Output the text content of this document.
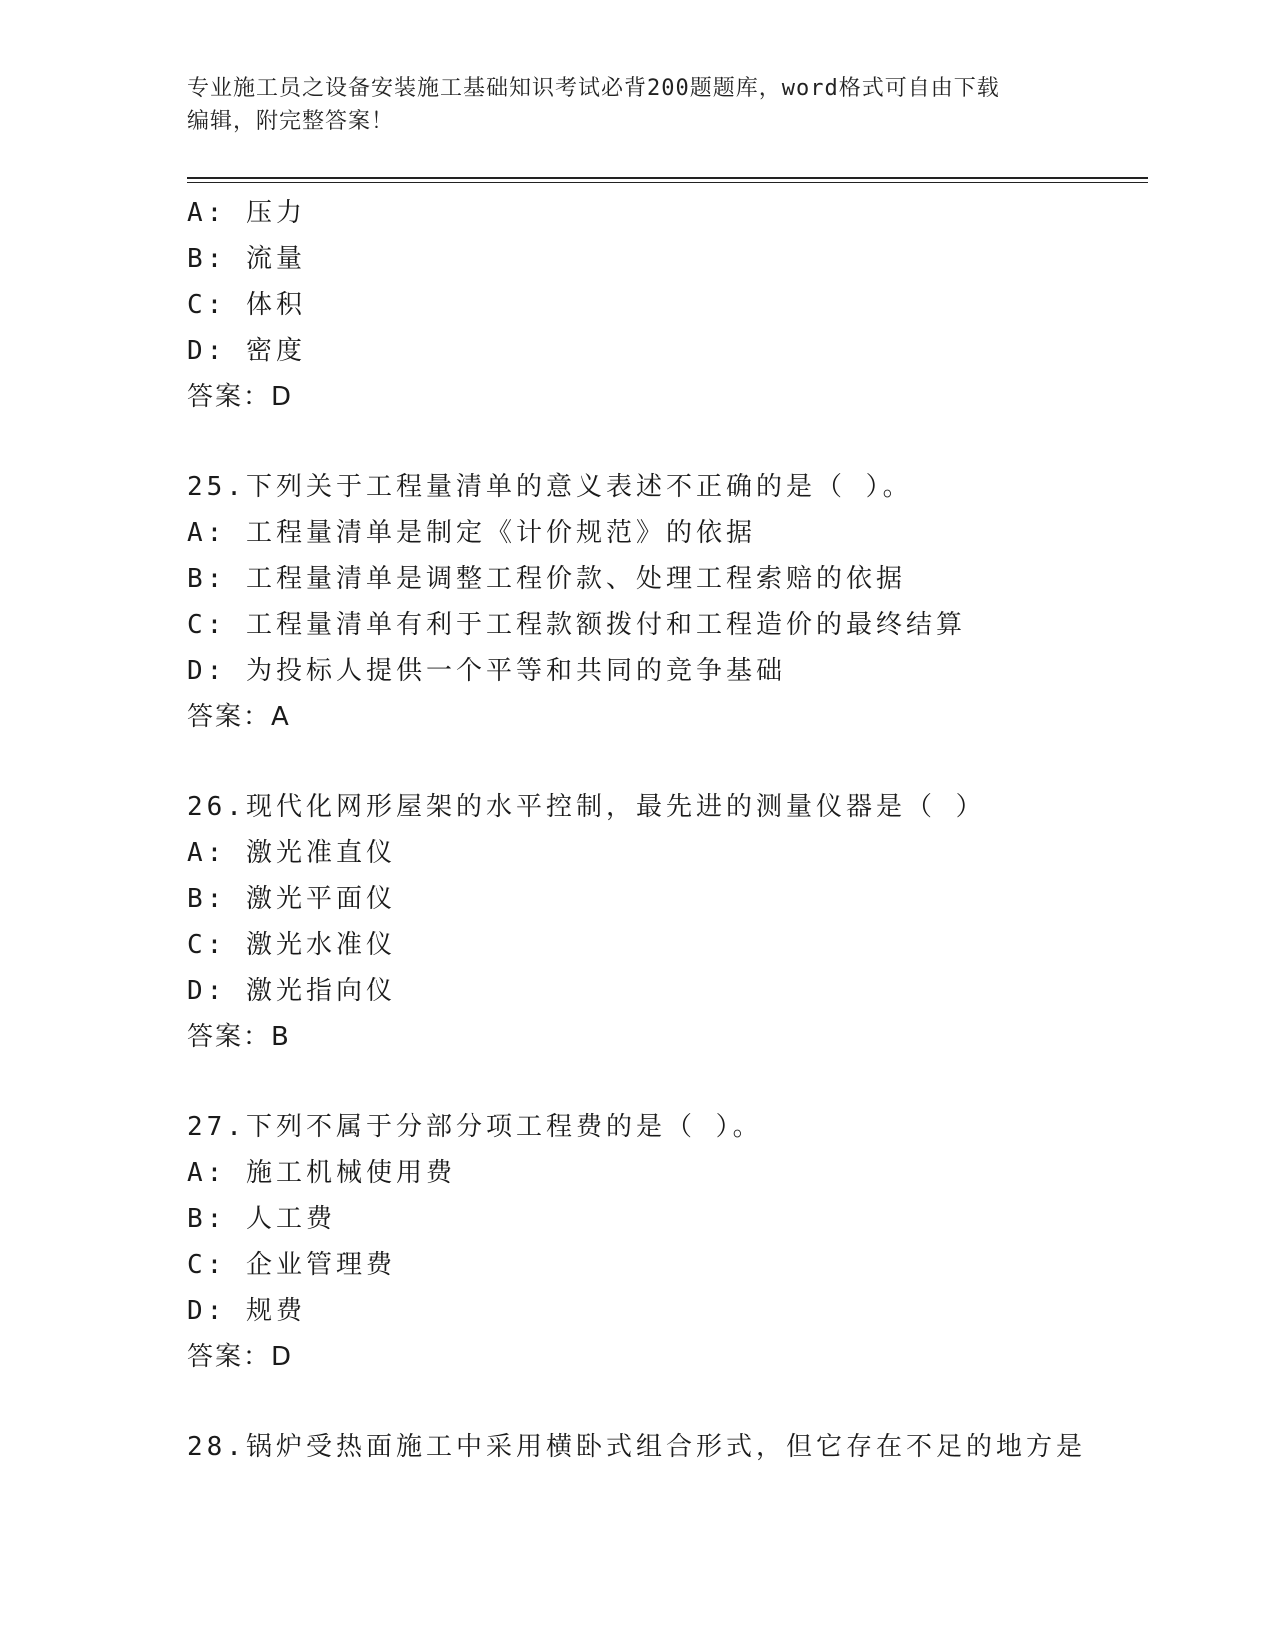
专业施工员之设备安装施工基础知识考试必背200题题库，word格式可自由下载
编辑，附完整答案！
A: 压力
B: 流量
C: 体积
D: 密度
答案：D
25.下列关于工程量清单的意义表述不正确的是（ ）。
A: 工程量清单是制定《计价规范》的依据
B: 工程量清单是调整工程价款、处理工程索赔的依据
C: 工程量清单有利于工程款额拨付和工程造价的最终结算
D: 为投标人提供一个平等和共同的竞争基础
答案：A
26.现代化网形屋架的水平控制，最先进的测量仪器是（ ）
A: 激光准直仪
B: 激光平面仪
C: 激光水准仪
D: 激光指向仪
答案：B
27.下列不属于分部分项工程费的是（ ）。
A: 施工机械使用费
B: 人工费
C: 企业管理费
D: 规费
答案：D
28.锅炉受热面施工中采用横卧式组合形式，但它存在不足的地方是
